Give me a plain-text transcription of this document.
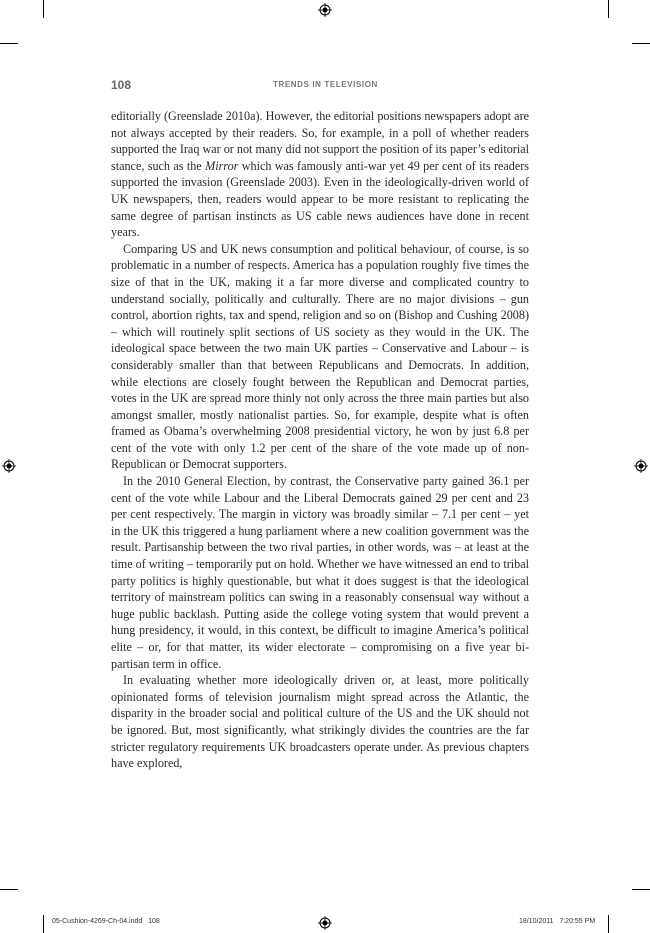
108	TRENDS IN TELEVISION

editorially (Greenslade 2010a). However, the editorial positions newspapers adopt are not always accepted by their readers. So, for example, in a poll of whether readers supported the Iraq war or not many did not support the position of its paper’s editorial stance, such as the Mirror which was famously anti-war yet 49 per cent of its readers supported the invasion (Greenslade 2003). Even in the ideologically-driven world of UK newspapers, then, readers would appear to be more resistant to replicating the same degree of partisan instincts as US cable news audiences have done in recent years.

Comparing US and UK news consumption and political behaviour, of course, is so problematic in a number of respects. America has a population roughly five times the size of that in the UK, making it a far more diverse and complicated country to understand socially, politically and culturally. There are no major divisions – gun control, abortion rights, tax and spend, religion and so on (Bishop and Cushing 2008) – which will routinely split sections of US society as they would in the UK. The ideological space between the two main UK parties – Conservative and Labour – is considerably smaller than that between Republicans and Democrats. In addition, while elections are closely fought between the Republican and Democrat parties, votes in the UK are spread more thinly not only across the three main parties but also amongst smaller, mostly nationalist parties. So, for example, despite what is often framed as Obama’s overwhelming 2008 presidential victory, he won by just 6.8 per cent of the vote with only 1.2 per cent of the share of the vote made up of non-Republican or Democrat supporters.

In the 2010 General Election, by contrast, the Conservative party gained 36.1 per cent of the vote while Labour and the Liberal Democrats gained 29 per cent and 23 per cent respectively. The margin in victory was broadly similar – 7.1 per cent – yet in the UK this triggered a hung parliament where a new coalition government was the result. Partisanship between the two rival parties, in other words, was – at least at the time of writing – temporarily put on hold. Whether we have witnessed an end to tribal party politics is highly questionable, but what it does suggest is that the ideological territory of mainstream politics can swing in a reasonably consensual way without a huge public backlash. Putting aside the college voting system that would prevent a hung presidency, it would, in this context, be difficult to imagine America’s political elite – or, for that matter, its wider electorate – compromising on a five year bi-partisan term in office.

In evaluating whether more ideologically driven or, at least, more politically opinionated forms of television journalism might spread across the Atlantic, the disparity in the broader social and political culture of the US and the UK should not be ignored. But, most significantly, what strikingly divides the countries are the far stricter regulatory requirements UK broadcasters operate under. As previous chapters have explored,

05-Cushion-4269-Ch-04.indd   108	18/10/2011   7:20:55 PM
